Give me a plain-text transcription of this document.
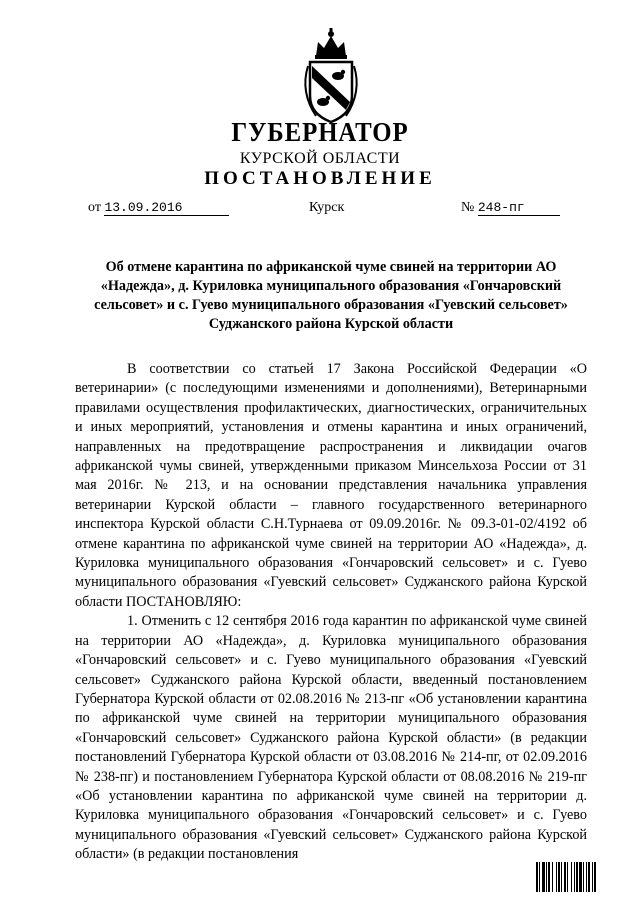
ГУБЕРНАТОР
КУРСКОЙ ОБЛАСТИ
ПОСТАНОВЛЕНИЕ
от 13.09.2016	Курск	№ 248-пг
Об отмене карантина по африканской чуме свиней на территории АО «Надежда», д. Куриловка муниципального образования «Гончаровский сельсовет» и с. Гуево муниципального образования «Гуевский сельсовет» Суджанского района Курской области

В соответствии со статьей 17 Закона Российской Федерации «О ветеринарии» (с последующими изменениями и дополнениями), Ветеринарными правилами осуществления профилактических, диагностических, ограничительных и иных мероприятий, установления и отмены карантина и иных ограничений, направленных на предотвращение распространения и ликвидации очагов африканской чумы свиней, утвержденными приказом Минсельхоза России от 31 мая 2016г. № 213, и на основании представления начальника управления ветеринарии Курской области – главного государственного ветеринарного инспектора Курской области С.Н.Турнаева от 09.09.2016г. № 09.3-01-02/4192 об отмене карантина по африканской чуме свиней на территории АО «Надежда», д. Куриловка муниципального образования «Гончаровский сельсовет» и с. Гуево муниципального образования «Гуевский сельсовет» Суджанского района Курской области ПОСТАНОВЛЯЮ:

1. Отменить с 12 сентября 2016 года карантин по африканской чуме свиней на территории АО «Надежда», д. Куриловка муниципального образования «Гончаровский сельсовет» и с. Гуево муниципального образования «Гуевский сельсовет» Суджанского района Курской области, введенный постановлением Губернатора Курской области от 02.08.2016 № 213-пг «Об установлении карантина по африканской чуме свиней на территории муниципального образования «Гончаровский сельсовет» Суджанского района Курской области» (в редакции постановлений Губернатора Курской области от 03.08.2016 № 214-пг, от 02.09.2016 № 238-пг) и постановлением Губернатора Курской области от 08.08.2016 № 219-пг «Об установлении карантина по африканской чуме свиней на территории д. Куриловка муниципального образования «Гончаровский сельсовет» и с. Гуево муниципального образования «Гуевский сельсовет» Суджанского района Курской области» (в редакции постановления
